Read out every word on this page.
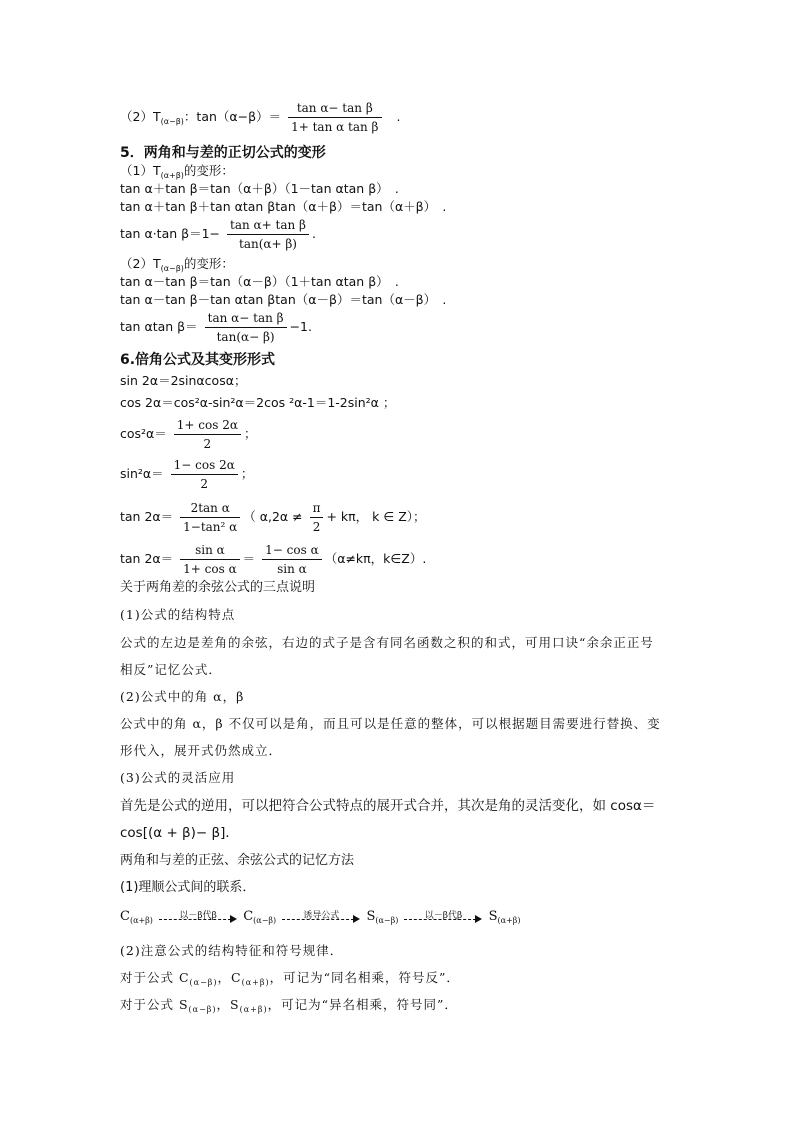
$(2)T_{(\alpha-\beta)}$：$\tan(\alpha-\beta)= \frac{\text{tan α− tan β}}{\text{1+ tan α tan β}}$ .
5．两角和与差的正切公式的变形
$(1)T_{(\alpha+\beta)}$的变形：
tan α＋tan β＝tan（α＋β）（1－tan αtan β）　.
tan α＋tan β＋tan αtan βtan（α＋β）＝tan（α＋β）　.
tan α·tan $\beta=1- \frac{\text{tan α+ tan β}}{\tan(\alpha+ \beta)}$ .
$(2)T_{(\alpha-\beta)}$的变形：
tan α－tan β＝tan（α－β）（1＋tan αtan β）　.
tan α－tan β－tan αtan βtan（α－β）＝tan（α－β）　.
tan αtan $\beta= \frac{\text{tan α− tan β}}{\tan(\alpha- \beta)} -1$.
6.倍角公式及其变形形式
sin 2α＝2sinαcosα；
cos 2α＝cos²α-sin²α＝2cos ²α-1＝1-2sin²α ；
$\cos^2\alpha= \frac{1+ \cos 2\alpha}{2}$ ；
$\sin^2\alpha= \frac{1- \cos 2\alpha}{2}$ ；
$\tan 2\alpha= \frac{\text{2tan α}}{\text{1−tan² α}}$ （ $\alpha,2\alpha \ne \frac{\pi}{2} + k\pi$， k ∈ Z）；
$\tan 2\alpha= \frac{\text{sin α}}{\text{1+ cos α}} = \frac{\text{1− cos α}}{\text{sin α}} (\alpha\ne k\pi$，k∈Z）.
关于两角差的余弦公式的三点说明
(1)公式的结构特点
公式的左边是差角的余弦，右边的式子是含有同名函数之积的和式，可用口诀“余余正正号
相反”记忆公式．
(2)公式中的角 α，β
公式中的角 α，β 不仅可以是角，而且可以是任意的整体，可以根据题目需要进行替换、变
形代入，展开式仍然成立．
(3)公式的灵活应用
首先是公式的逆用，可以把符合公式特点的展开式合并，其次是角的灵活变化，如 cosα＝
cos[(α + β)− β]．
两角和与差的正弦、余弦公式的记忆方法
(1)理顺公式间的联系．
$C_{(\alpha+\beta)}$	以－β代β	$C_{(\alpha-\beta)}$	诱导公式	$S_{(\alpha-\beta)}$	以－β代β	$S_{(\alpha+\beta)}$
(2)注意公式的结构特征和符号规律．
对于公式 $C_{(\alpha-\beta)}$，$C_{(\alpha+\beta)}$，可记为“同名相乘，符号反”．
对于公式 $S_{(\alpha-\beta)}$，$S_{(\alpha+\beta)}$，可记为“异名相乘，符号同”．
